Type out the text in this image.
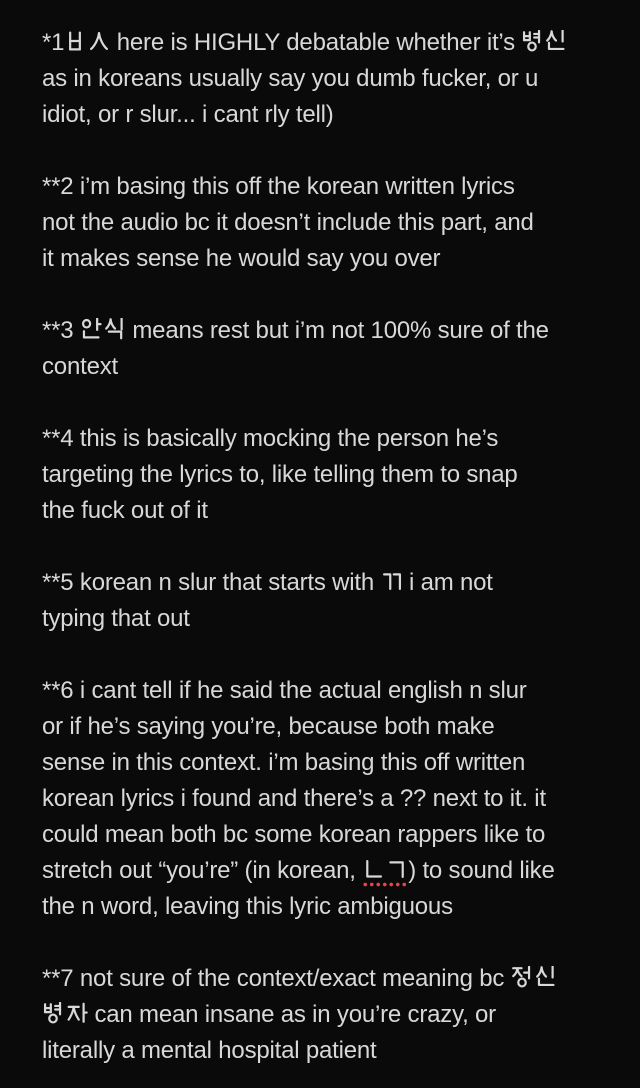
*1 here is HIGHLY debatable whether it’s
as in koreans usually say you dumb fucker, or u
idiot, or r slur... i cant rly tell)
**2 i’m basing this off the korean written lyrics
not the audio bc it doesn’t include this part, and
it makes sense he would say you over
**3  means rest but i’m not 100% sure of the
context
**4 this is basically mocking the person he’s
targeting the lyrics to, like telling them to snap
the fuck out of it
**5 korean n slur that starts with  i am not
typing that out
**6 i cant tell if he said the actual english n slur
or if he’s saying you’re, because both make
sense in this context. i’m basing this off written
korean lyrics i found and there’s a ?? next to it. it
could mean both bc some korean rappers like to
stretch out “you’re” (in korean, ) to sound like
the n word, leaving this lyric ambiguous
**7 not sure of the context/exact meaning bc
can mean insane as in you’re crazy, or
literally a mental hospital patient
